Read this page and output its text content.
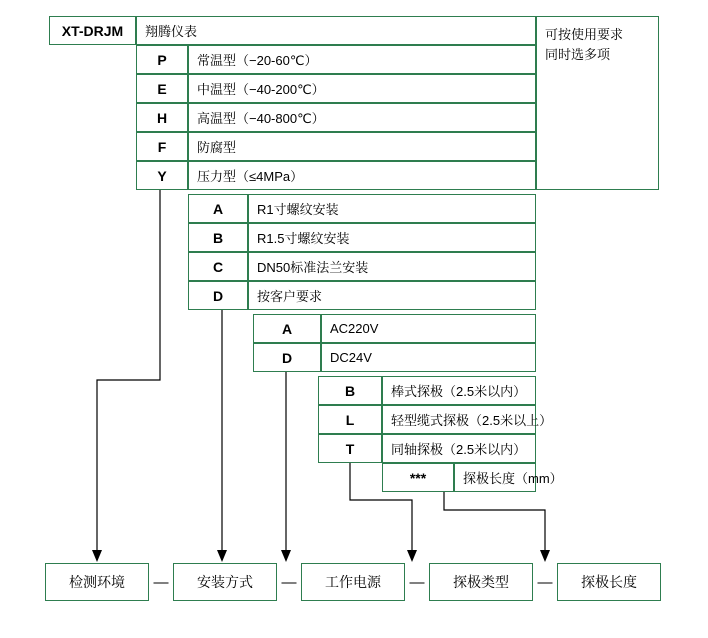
XT-DRJM 翔腾仪表	可按使用要求
同时选多项
P 常温型（−20-60℃）
E 中温型（−40-200℃）
H 高温型（−40-800℃）
F 防腐型
Y 压力型（≤4MPa）
A	R1寸螺纹安装
B	R1.5寸螺纹安装
C	DN50标准法兰安装
D	按客户要求
A	AC220V
D	DC24V
B	棒式探极（2.5米以内）
L	轻型缆式探极（2.5米以上）
T	同轴探极（2.5米以内）
***	探极长度（mm）
检测环境 — 安装方式 — 工作电源 — 探极类型 — 探极长度
